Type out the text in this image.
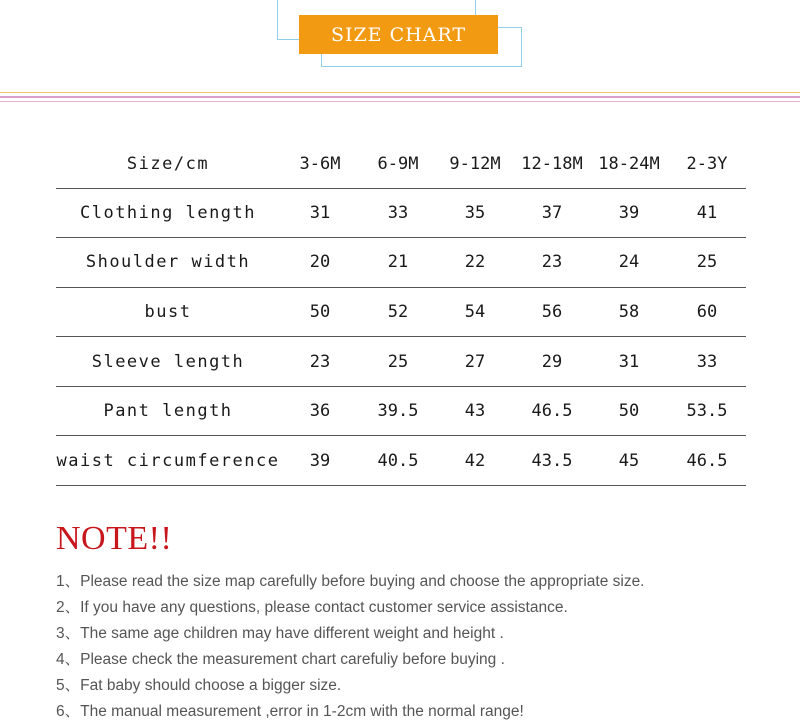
SIZE CHART
Size/cm	3-6M	6-9M	9-12M	12-18M	18-24M	2-3Y
Clothing length	31	33	35	37	39	41
Shoulder width	20	21	22	23	24	25
bust	50	52	54	56	58	60
Sleeve length	23	25	27	29	31	33
Pant length	36	39.5	43	46.5	50	53.5
waist circumference	39	40.5	42	43.5	45	46.5
NOTE!!
1、Please read the size map carefully before buying and choose the appropriate size.
2、If you have any questions, please contact customer service assistance.
3、The same age children may have different weight and height .
4、Please check the measurement chart carefuliy before buying .
5、Fat baby should choose a bigger size.
6、The manual measurement ,error in 1-2cm with the normal range!
